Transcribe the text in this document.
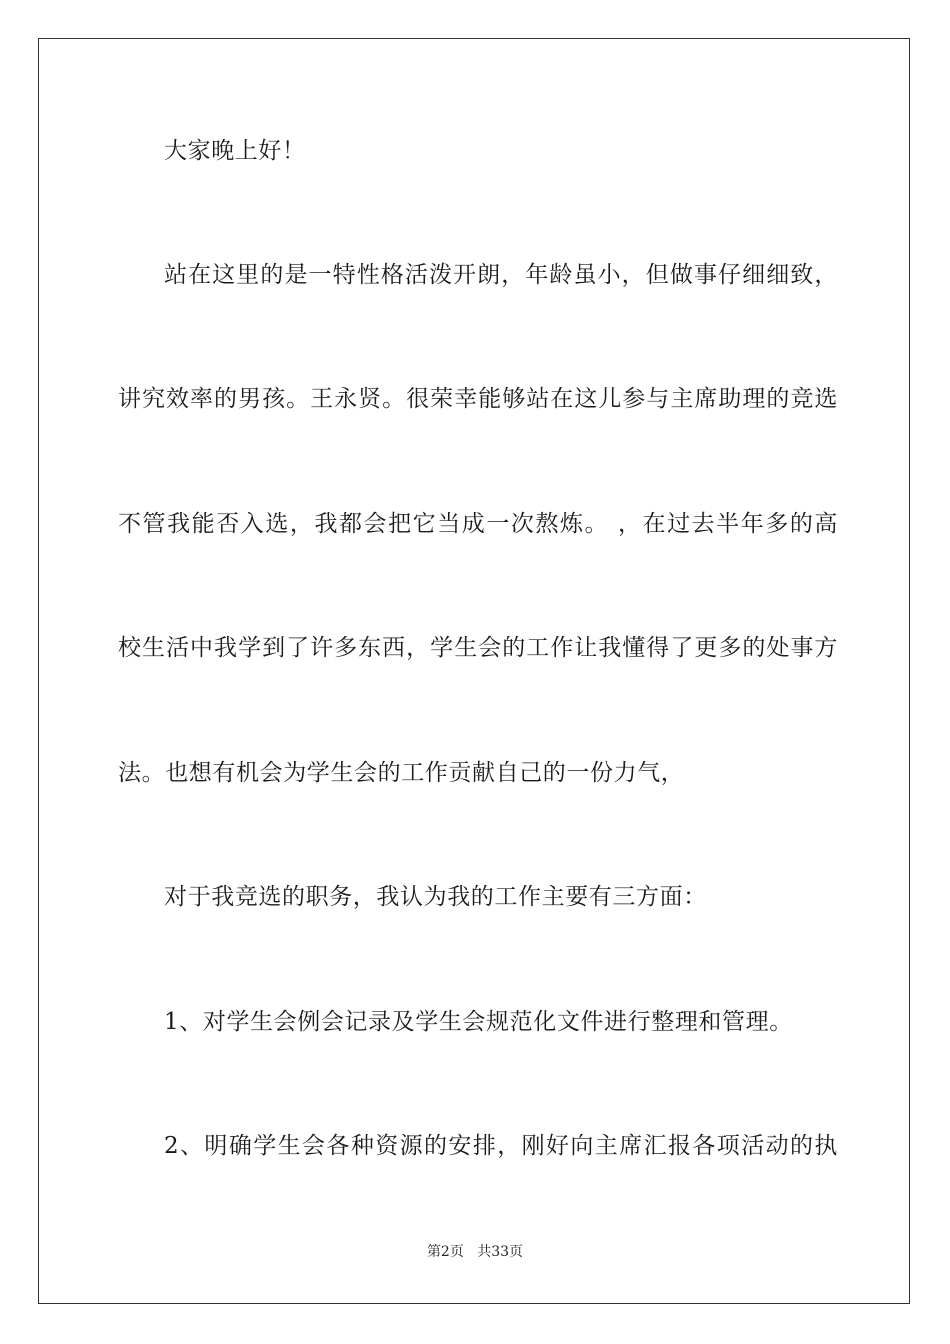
大家晚上好！
站在这里的是一特性格活泼开朗，年龄虽小，但做事仔细细致，
讲究效率的男孩。王永贤。很荣幸能够站在这儿参与主席助理的竞选
不管我能否入选，我都会把它当成一次熬炼。 ，在过去半年多的高
校生活中我学到了许多东西，学生会的工作让我懂得了更多的处事方
法。也想有机会为学生会的工作贡献自己的一份力气，
对于我竞选的职务，我认为我的工作主要有三方面：
1、对学生会例会记录及学生会规范化文件进行整理和管理。
2、明确学生会各种资源的安排，刚好向主席汇报各项活动的执
第2页 共33页
